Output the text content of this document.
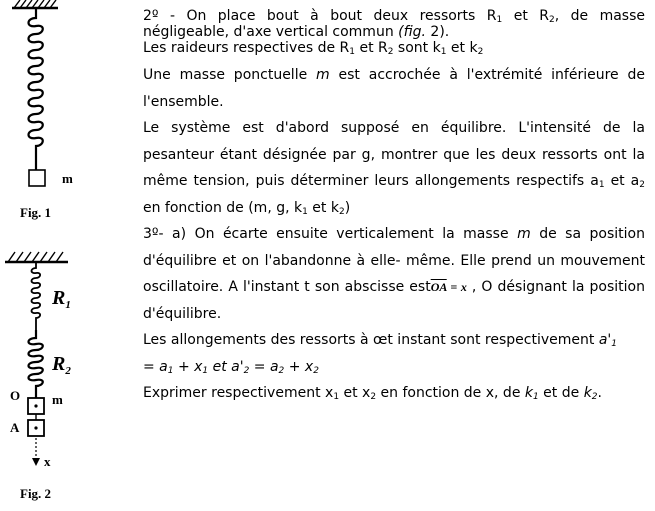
m
Fig. 1
$R_1$
$R_2$
O m
A
x
Fig. 2

2º - On place bout à bout deux ressorts $R_1$ et $R_2$, de masse

négligeable, d'axe vertical commun (fig. 2).

Les raideurs respectives de $R_1$ et $R_2$ sont $k_1$ et $k_2$

Une masse ponctuelle m est accrochée à l'extrémité inférieure de l'ensemble.

Le système est d'abord supposé en équilibre. L'intensité de la pesanteur étant désignée par g, montrer que les deux ressorts ont la même tension, puis déterminer leurs allongements respectifs $a_1$ et $a_2$ en fonction de (m, g, $k_1$ et $k_2$)

3º- a) On écarte ensuite verticalement la masse m de sa position d'équilibre et on l'abandonne à elle- même. Elle prend un mouvement oscillatoire. A l'instant t son abscisse $est\overline{OA} = x$ , O désignant la position d'équilibre.

Les allongements des ressorts à œt instant sont respectivement $a'_1$
= $a_1 + x_1$ et $a'_2 = a_2 + x_2$

Exprimer respectivement $x_1$ et $x_2$ en fonction de x, de $k_1$ et de $k_2$.
